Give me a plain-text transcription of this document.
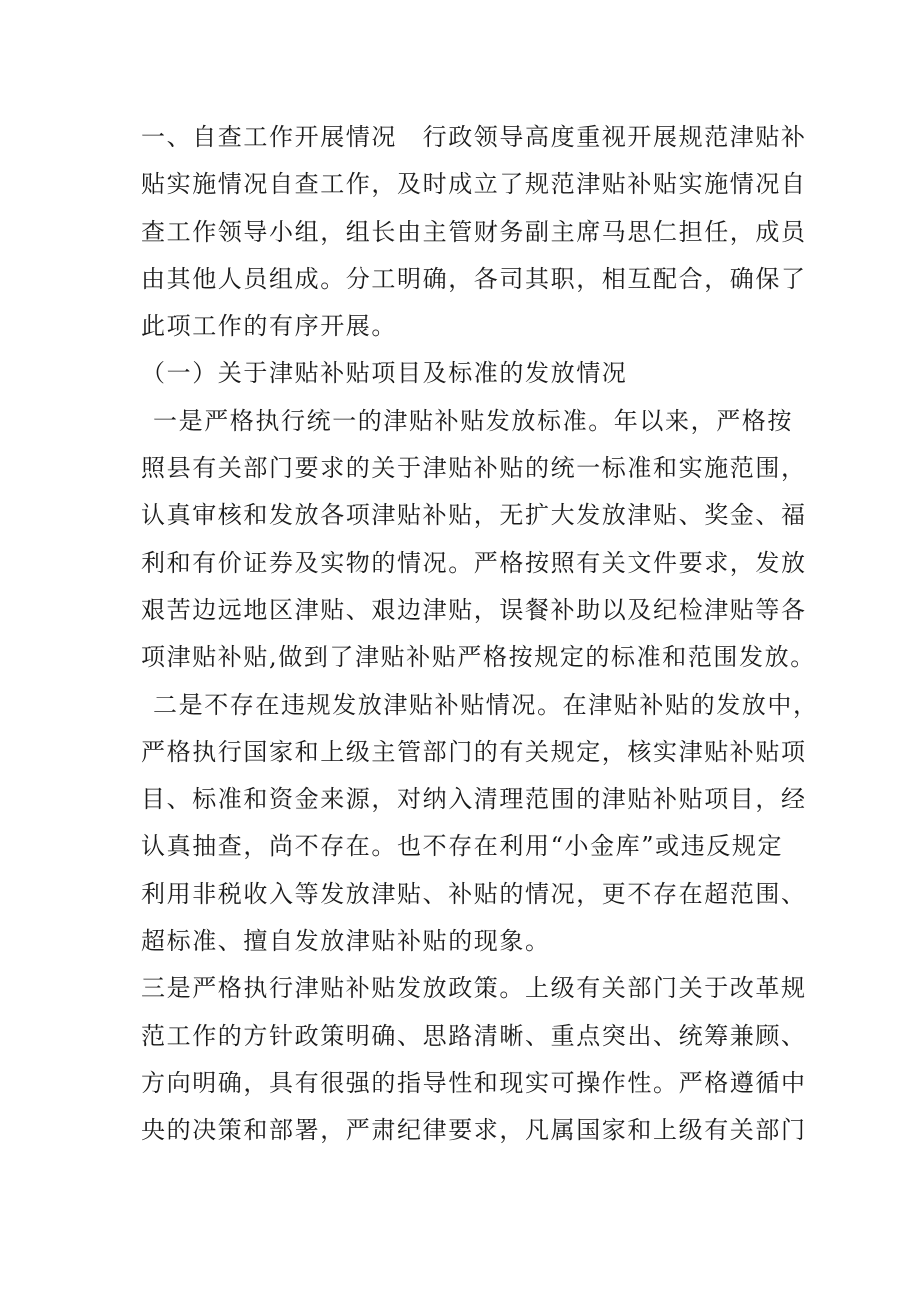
一、自查工作开展情况　行政领导高度重视开展规范津贴补
贴实施情况自查工作，及时成立了规范津贴补贴实施情况自
查工作领导小组，组长由主管财务副主席马思仁担任，成员
由其他人员组成。分工明确，各司其职，相互配合，确保了
此项工作的有序开展。
（一）关于津贴补贴项目及标准的发放情况
一是严格执行统一的津贴补贴发放标准。年以来，严格按
照县有关部门要求的关于津贴补贴的统一标准和实施范围，
认真审核和发放各项津贴补贴，无扩大发放津贴、奖金、福
利和有价证券及实物的情况。严格按照有关文件要求，发放
艰苦边远地区津贴、艰边津贴，误餐补助以及纪检津贴等各
项津贴补贴,做到了津贴补贴严格按规定的标准和范围发放。
二是不存在违规发放津贴补贴情况。在津贴补贴的发放中，
严格执行国家和上级主管部门的有关规定，核实津贴补贴项
目、标准和资金来源，对纳入清理范围的津贴补贴项目，经
认真抽查，尚不存在。也不存在利用“小金库”或违反规定
利用非税收入等发放津贴、补贴的情况，更不存在超范围、
超标准、擅自发放津贴补贴的现象。
三是严格执行津贴补贴发放政策。上级有关部门关于改革规
范工作的方针政策明确、思路清晰、重点突出、统筹兼顾、
方向明确，具有很强的指导性和现实可操作性。严格遵循中
央的决策和部署，严肃纪律要求，凡属国家和上级有关部门
